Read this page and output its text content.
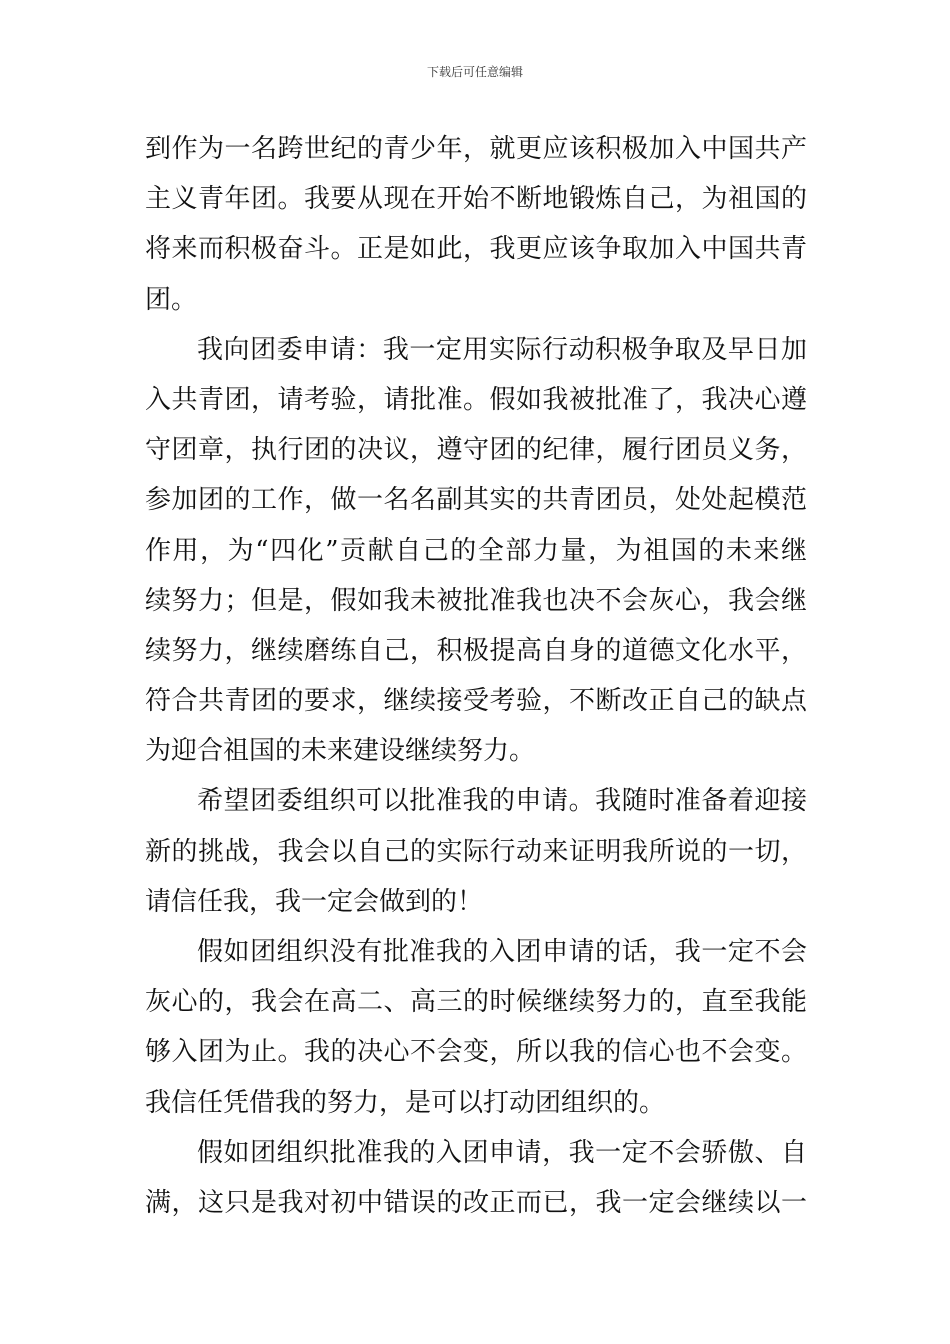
下载后可任意编辑
到作为一名跨世纪的青少年，就更应该积极加入中国共产
主义青年团。我要从现在开始不断地锻炼自己，为祖国的
将来而积极奋斗。正是如此，我更应该争取加入中国共青
团。
我向团委申请：我一定用实际行动积极争取及早日加
入共青团，请考验，请批准。假如我被批准了，我决心遵
守团章，执行团的决议，遵守团的纪律，履行团员义务，
参加团的工作，做一名名副其实的共青团员，处处起模范
作用，为“四化”贡献自己的全部力量，为祖国的未来继
续努力；但是，假如我未被批准我也决不会灰心，我会继
续努力，继续磨练自己，积极提高自身的道德文化水平，
符合共青团的要求，继续接受考验，不断改正自己的缺点
为迎合祖国的未来建设继续努力。
希望团委组织可以批准我的申请。我随时准备着迎接
新的挑战，我会以自己的实际行动来证明我所说的一切，
请信任我，我一定会做到的！
假如团组织没有批准我的入团申请的话，我一定不会
灰心的，我会在高二、高三的时候继续努力的，直至我能
够入团为止。我的决心不会变，所以我的信心也不会变。
我信任凭借我的努力，是可以打动团组织的。
假如团组织批准我的入团申请，我一定不会骄傲、自
满，这只是我对初中错误的改正而已，我一定会继续以一
